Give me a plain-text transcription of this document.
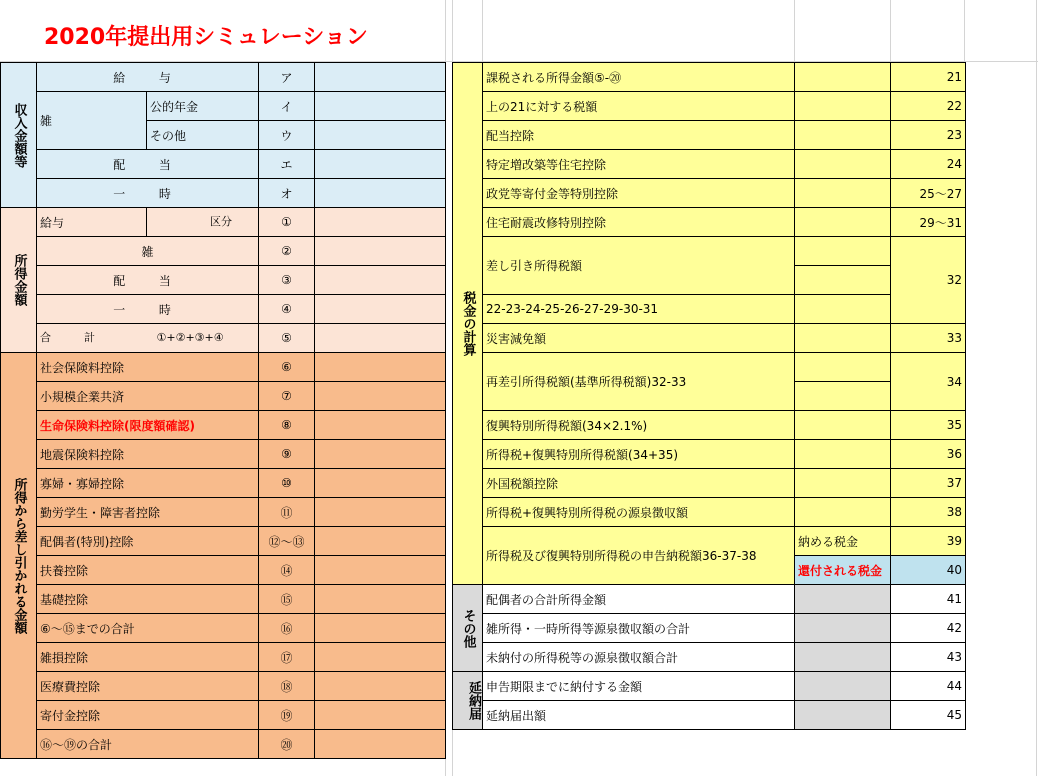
2020年提出用シミュレーション
収入金額等	給　与		ア	
	雑	公的年金	イ	
		その他	ウ	
	配　当		エ	
	一　時		オ	
所得金額	給与	区分	①	
	雑		②	
	配　当		③	
	一　時		④	
	合　　　計 ①+②+③+④		⑤	
所得から差し引かれる金額	社会保険料控除		⑥	
	小規模企業共済		⑦	
	生命保険料控除(限度額確認)		⑧	
	地震保険料控除		⑨	
	寡婦・寡婦控除		⑩	
	勤労学生・障害者控除		⑪	
	配偶者(特別)控除		⑫〜⑬	
	扶養控除		⑭	
	基礎控除		⑮	
	⑥〜⑮までの合計		⑯	
	雑損控除		⑰	
	医療費控除		⑱	
	寄付金控除		⑲	
	⑯〜⑲の合計		⑳	
税金の計算	課税される所得金額⑤-⑳		21
	上の21に対する税額		22
	配当控除		23
	特定増改築等住宅控除		24
	政党等寄付金等特別控除		25〜27
	住宅耐震改修特別控除		29〜31
	差し引き所得税額		32

	22-23-24-25-26-27-29-30-31		
	災害減免額		33
	再差引所得税額(基準所得税額)32-33		34

	復興特別所得税額(34×2.1%)		35
	所得税+復興特別所得税額(34+35)		36
	外国税額控除		37
	所得税+復興特別所得税の源泉徴収額		38
	所得税及び復興特別所得税の申告納税額36-37-38	納める税金	39

		還付される税金	40

その他	配偶者の合計所得金額		41
	雑所得・一時所得等源泉徴収額の合計		42
	未納付の所得税等の源泉徴収額合計		43
延納届	申告期限までに納付する金額		44
	延納届出額		45
